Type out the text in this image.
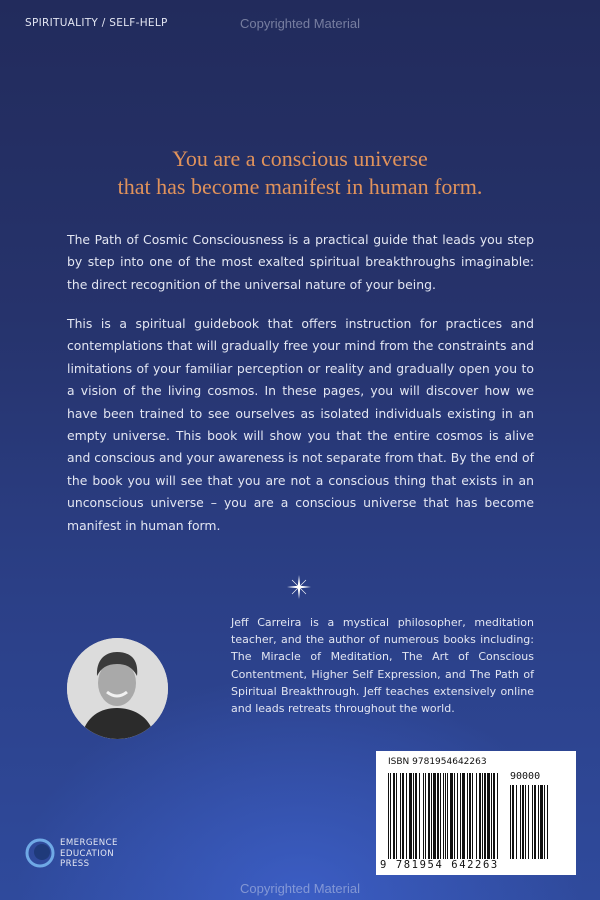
SPIRITUALITY / SELF-HELP	Copyrighted Material
You are a conscious universe
that has become manifest in human form.

The Path of Cosmic Consciousness is a practical guide that leads you step by step into one of the most exalted spiritual breakthroughs imaginable: the direct recognition of the universal nature of your being.

This is a spiritual guidebook that offers instruction for practices and contemplations that will gradually free your mind from the constraints and limitations of your familiar perception or reality and gradually open you to a vision of the living cosmos. In these pages, you will discover how we have been trained to see ourselves as isolated individuals existing in an empty universe. This book will show you that the entire cosmos is alive and conscious and your awareness is not separate from that. By the end of the book you will see that you are not a conscious thing that exists in an unconscious universe – you are a conscious universe that has become manifest in human form.

Jeff Carreira is a mystical philosopher, meditation teacher, and the author of numerous books including: The Miracle of Meditation, The Art of Conscious Contentment, Higher Self Expression, and The Path of Spiritual Breakthrough. Jeff teaches extensively online and leads retreats throughout the world.

EMERGENCE
EDUCATION
PRESS
ISBN 9781954642263
90000
9 781954 642263
Copyrighted Material
